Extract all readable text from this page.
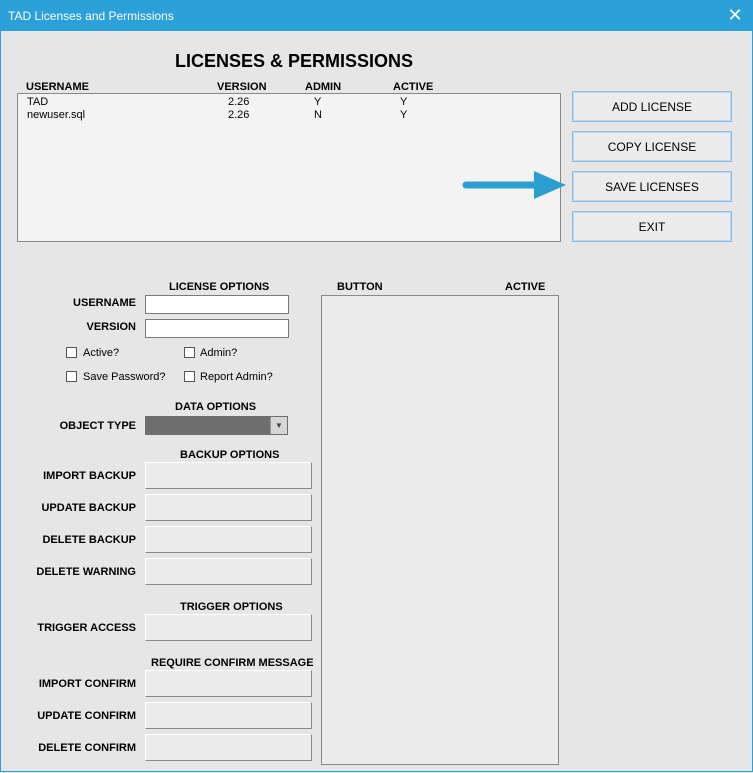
TAD Licenses and Permissions	✕
LICENSES & PERMISSIONS
USERNAME	VERSION	ADMIN	ACTIVE
TAD	2.26	Y	Y
newuser.sql	2.26	N	Y
ADD LICENSE
COPY LICENSE
SAVE LICENSES
EXIT
LICENSE OPTIONS
USERNAME
VERSION
Active?	Admin?
Save Password?	Report Admin?
DATA OPTIONS
OBJECT TYPE	▼
BACKUP OPTIONS
IMPORT BACKUP
UPDATE BACKUP
DELETE BACKUP
DELETE WARNING
TRIGGER OPTIONS
TRIGGER ACCESS
REQUIRE CONFIRM MESSAGE
IMPORT CONFIRM
UPDATE CONFIRM
DELETE CONFIRM
BUTTON	ACTIVE
